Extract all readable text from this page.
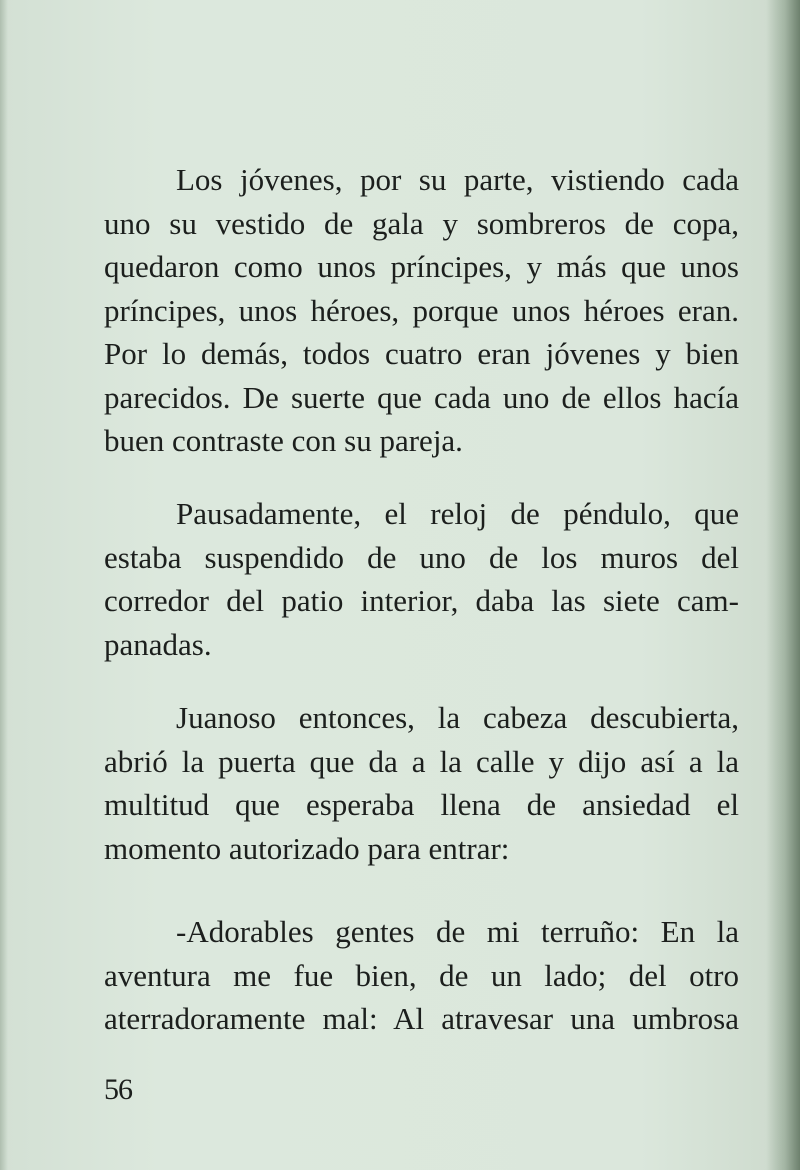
Los jóvenes, por su parte, vistiendo cada
uno su vestido de gala y sombreros de copa,
quedaron como unos príncipes, y más que unos
príncipes, unos héroes, porque unos héroes eran.
Por lo demás, todos cuatro eran jóvenes y bien
parecidos. De suerte que cada uno de ellos hacía
buen contraste con su pareja.
Pausadamente, el reloj de péndulo, que
estaba suspendido de uno de los muros del
corredor del patio interior, daba las siete cam-
panadas.
Juanoso entonces, la cabeza descubierta,
abrió la puerta que da a la calle y dijo así a la
multitud que esperaba llena de ansiedad el
momento autorizado para entrar:
-Adorables gentes de mi terruño: En la
aventura me fue bien, de un lado; del otro
aterradoramente mal: Al atravesar una umbrosa
56
